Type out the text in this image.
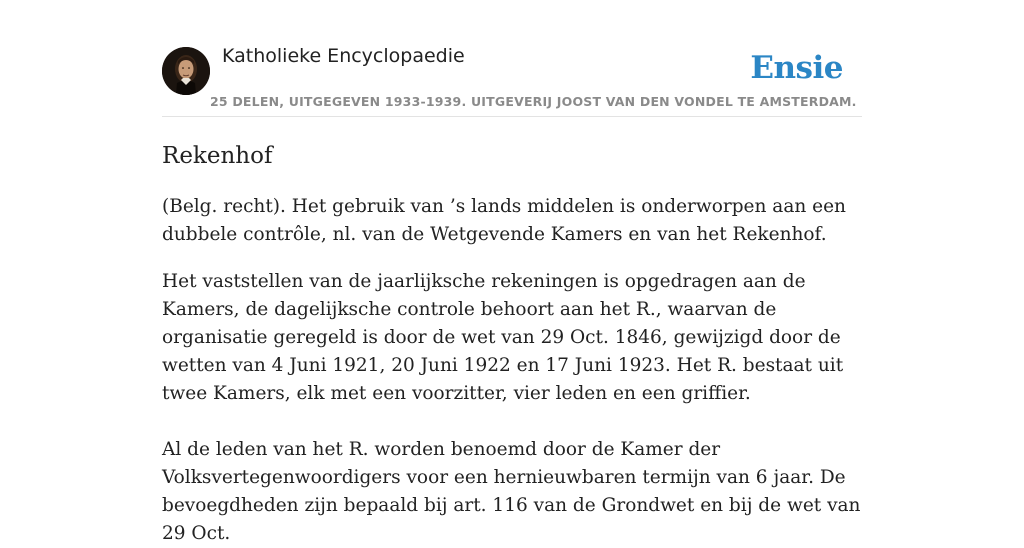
Katholieke Encyclopaedie	Ensie
25 DELEN, UITGEGEVEN 1933-1939. UITGEVERIJ JOOST VAN DEN VONDEL TE AMSTERDAM.
Rekenhof

(Belg. recht). Het gebruik van ’s lands middelen is onderworpen aan een dubbele contrôle, nl. van de Wetgevende Kamers en van het Rekenhof.

Het vaststellen van de jaarlijksche rekeningen is opgedragen aan de Kamers, de dagelijksche controle behoort aan het R., waarvan de organisatie geregeld is door de wet van 29 Oct. 1846, gewijzigd door de wetten van 4 Juni 1921, 20 Juni 1922 en 17 Juni 1923. Het R. bestaat uit twee Kamers, elk met een voorzitter, vier leden en een griffier.

Al de leden van het R. worden benoemd door de Kamer der Volksvertegenwoordigers voor een hernieuwbaren termijn van 6 jaar. De bevoegdheden zijn bepaald bij art. 116 van de Grondwet en bij de wet van 29 Oct.
